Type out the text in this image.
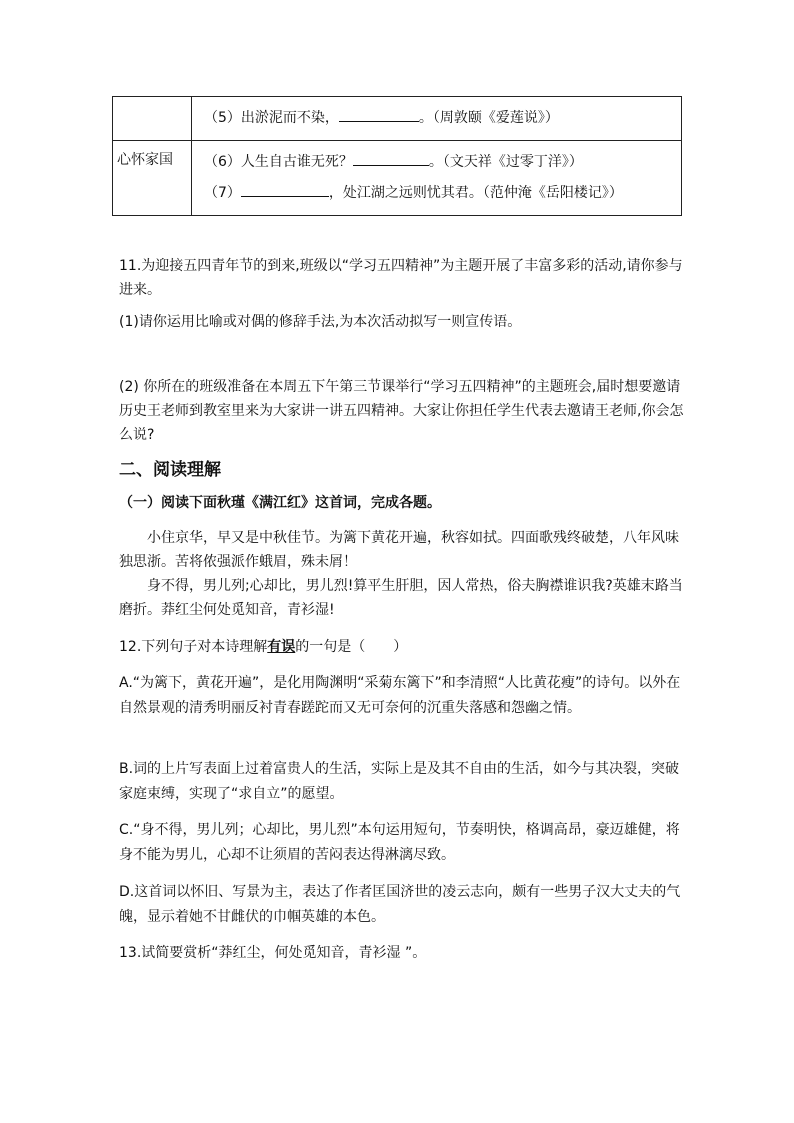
	（5）出淤泥而不染， 。（周敦颐《爱莲说》）

心怀家国	（6）人生自古谁无死？ 。（文天祥《过零丁洋》）
（7） ，处江湖之远则忧其君。（范仲淹《岳阳楼记》）

11.为迎接五四青年节的到来,班级以“学习五四精神”为主题开展了丰富多彩的活动,请你参与进来。

(1)请你运用比喻或对偶的修辞手法,为本次活动拟写一则宣传语。

(2) 你所在的班级准备在本周五下午第三节课举行“学习五四精神”的主题班会,届时想要邀请历史王老师到教室里来为大家讲一讲五四精神。大家让你担任学生代表去邀请王老师,你会怎么说?

二、阅读理解

（一）阅读下面秋瑾《满江红》这首词，完成各题。

小住京华，早又是中秋佳节。为篱下黄花开遍，秋容如拭。四面歌残终破楚，八年风味独思浙。苦将侬强派作蛾眉，殊未屑！

身不得，男儿列;心却比，男儿烈!算平生肝胆，因人常热，俗夫胸襟谁识我?英雄末路当磨折。莽红尘何处觅知音，青衫湿!

12.下列句子对本诗理解有误的一句是（　　）

A.“为篱下，黄花开遍”，是化用陶渊明“采菊东篱下”和李清照“人比黄花瘦”的诗句。以外在自然景观的清秀明丽反衬青春蹉跎而又无可奈何的沉重失落感和怨幽之情。

B.词的上片写表面上过着富贵人的生活，实际上是及其不自由的生活，如今与其决裂，突破家庭束缚，实现了“求自立”的愿望。

C.“身不得，男儿列；心却比，男儿烈”本句运用短句，节奏明快，格调高昂，豪迈雄健，将身不能为男儿，心却不让须眉的苦闷表达得淋漓尽致。

D.这首词以怀旧、写景为主，表达了作者匡国济世的凌云志向，颇有一些男子汉大丈夫的气魄，显示着她不甘雌伏的巾帼英雄的本色。

13.试简要赏析“莽红尘，何处觅知音，青衫湿 ”。
